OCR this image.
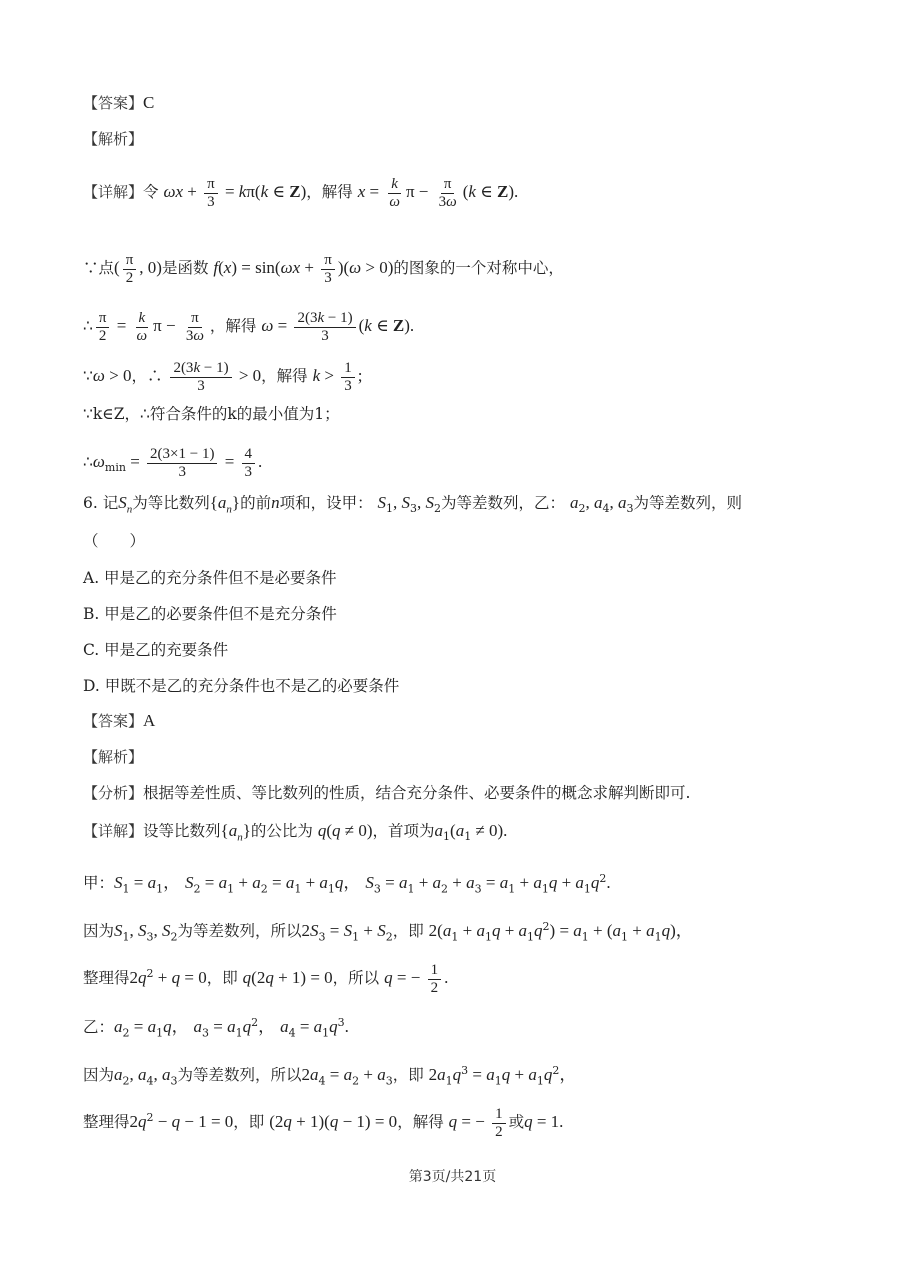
【答案】C
【解析】
【详解】令 $\omega x + \frac{\pi}{3} = k\pi(k$ ∈ Z)，解得 $x = \frac{k}{\omega}$ $\pi - \frac{\pi}{3\omega} (k$ ∈ Z).
∵点( $\frac{\pi}{2}$ , 0)是函数 $f(x) = \sin(\omega x + \frac{\pi}{3} )(\omega > 0)$的图象的一个对称中心，
∴ $\frac{\pi}{2} = \frac{k}{\omega}$ $\pi - \frac{\pi}{3\omega}$ ，解得 $\omega = \frac{2(3k - 1)}{3} (k$ ∈ Z).
∵ω > 0，∴ $\frac{2(3k - 1)}{3} > 0$，解得 $k > \frac{1}{3}$ ;
∵k∈Z，∴符合条件的k的最小值为1；
$\therefore\omega_{min} = \frac{2(3\times 1 - 1)}{3} = \frac{4}{3}$ .
6. 记$S_n$为等比数列$\{a_n\}$的前n项和，设甲： $S_1$, $S_3$, $S_2$为等差数列，乙： $a_2$, $a_4$, $a_3$为等差数列，则
（　　）
A. 甲是乙的充分条件但不是必要条件
B. 甲是乙的必要条件但不是充分条件
C. 甲是乙的充要条件
D. 甲既不是乙的充分条件也不是乙的必要条件
【答案】A
【解析】
【分析】根据等差性质、等比数列的性质，结合充分条件、必要条件的概念求解判断即可.
【详解】设等比数列$\{a_n\}$的公比为 q(q ≠ 0)，首项为$a_1(a_1 \ne 0)$.
甲：$S_1 = a_1$， $S_2 = a_1 + a_2 = a_1 + a_1q$， $S_3 = a_1 + a_2 + a_3 = a_1 + a_1q + a_1q^2$.
因为$S_1$, $S_3$, $S_2$为等差数列，所以$2S_3 = S_1 + S_2$，即 $2(a_1 + a_1q + a_1q^2) = a_1 + (a_1 + a_1q)$，
整理得$2q^2 + q = 0$，即 q(2q + 1) = 0，所以 q = − $\frac{1}{2}$ .
乙：$a_2 = a_1q$， $a_3 = a_1q^2$， $a_4 = a_1q^3$.
因为$a_2$, $a_4$, $a_3$为等差数列，所以$2a_4 = a_2 + a_3$，即 $2a_1q^3 = a_1q + a_1q^2$，
整理得$2q^2 - q - 1 = 0$，即 (2q + 1)(q − 1) = 0，解得 q = − $\frac{1}{2}$ 或q = 1.
第3页/共21页
